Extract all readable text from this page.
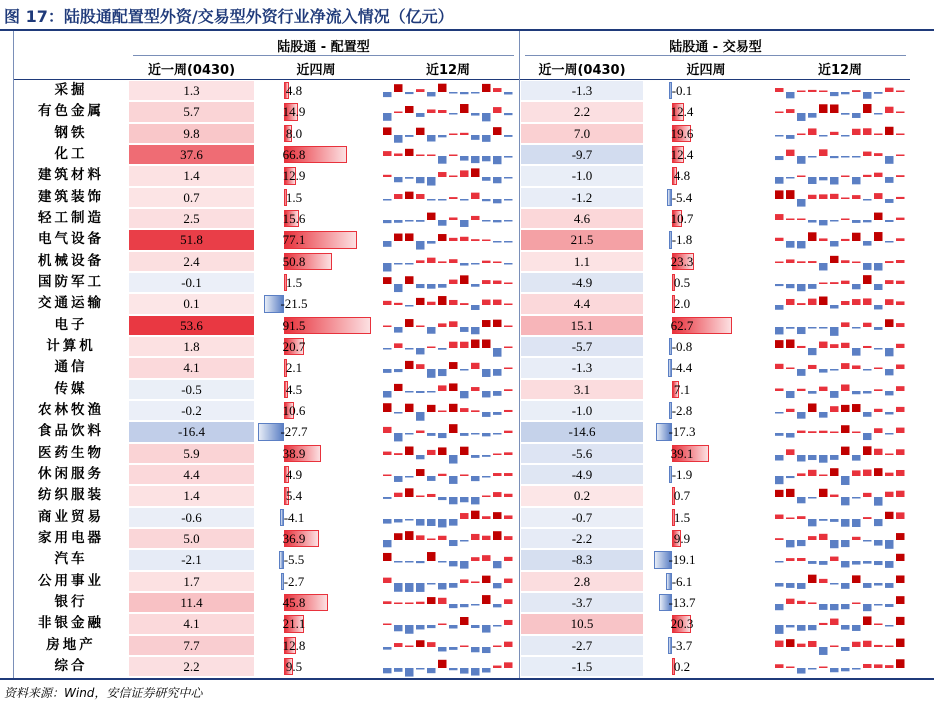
图 17：陆股通配置型外资/交易型外资行业净流入情况（亿元）
陆股通 - 配置型
近一周(0430)	近四周	近12周
陆股通 - 交易型
近一周(0430)	近四周	近12周
采掘	1.3	4.8	-1.3	-0.1
有色金属	5.7	14.9	2.2	12.4
钢铁	9.8	8.0	7.0	19.6
化工	37.6	66.8	-9.7	12.4
建筑材料	1.4	12.9	-1.0	4.8
建筑装饰	0.7	1.5	-1.2	-5.4
轻工制造	2.5	15.6	4.6	10.7
电气设备	51.8	77.1	21.5	-1.8
机械设备	2.4	50.8	1.1	23.3
国防军工	-0.1	1.5	-4.9	0.5
交通运输	0.1	-21.5	4.4	2.0
电子	53.6	91.5	15.1	62.7
计算机	1.8	20.7	-5.7	-0.8
通信	4.1	2.1	-1.3	-4.4
传媒	-0.5	4.5	3.1	7.1
农林牧渔	-0.2	10.6	-1.0	-2.8
食品饮料	-16.4	-27.7	-14.6	-17.3
医药生物	5.9	38.9	-5.6	39.1
休闲服务	4.4	4.9	-4.9	-1.9
纺织服装	1.4	5.4	0.2	0.7
商业贸易	-0.6	-4.1	-0.7	1.5
家用电器	5.0	36.9	-2.2	9.9
汽车	-2.1	-5.5	-8.3	-19.1
公用事业	1.7	-2.7	2.8	-6.1
银行	11.4	45.8	-3.7	-13.7
非银金融	4.1	21.1	10.5	20.3
房地产	7.7	12.8	-2.7	-3.7
综合	2.2	9.5	-1.5	0.2
资料来源：Wind，安信证券研究中心
